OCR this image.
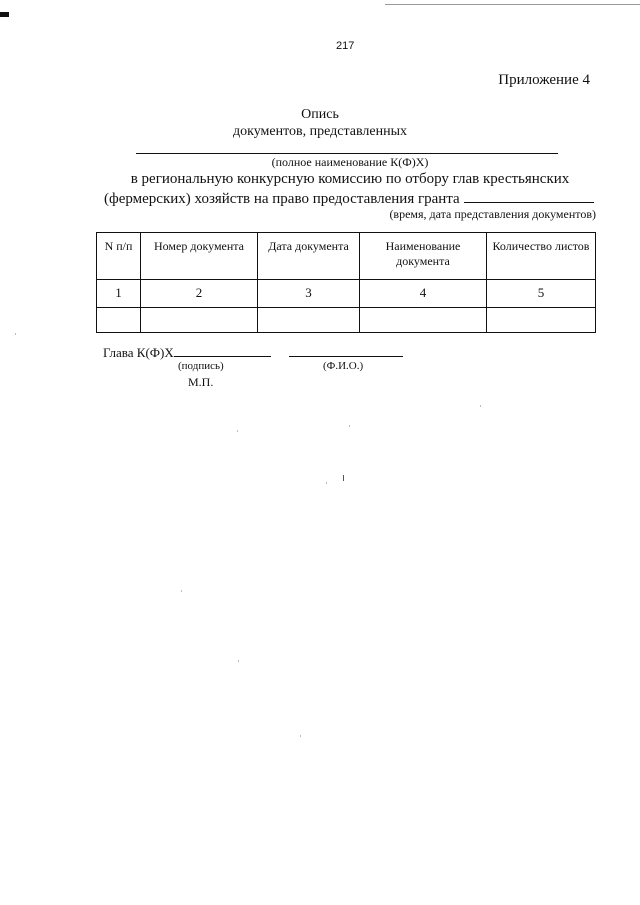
217
Приложение 4
Опись
документов, представленных
(полное наименование К(Ф)Х)
в региональную конкурсную комиссию по отбору глав крестьянских
(фермерских) хозяйств на право предоставления гранта
(время, дата представления документов)
N п/п	Номер документа	Дата документа	Наименование документа	Количество листов
1	2	3	4	5

Глава К(Ф)Х
(подпись)	(Ф.И.О.)
М.П.
